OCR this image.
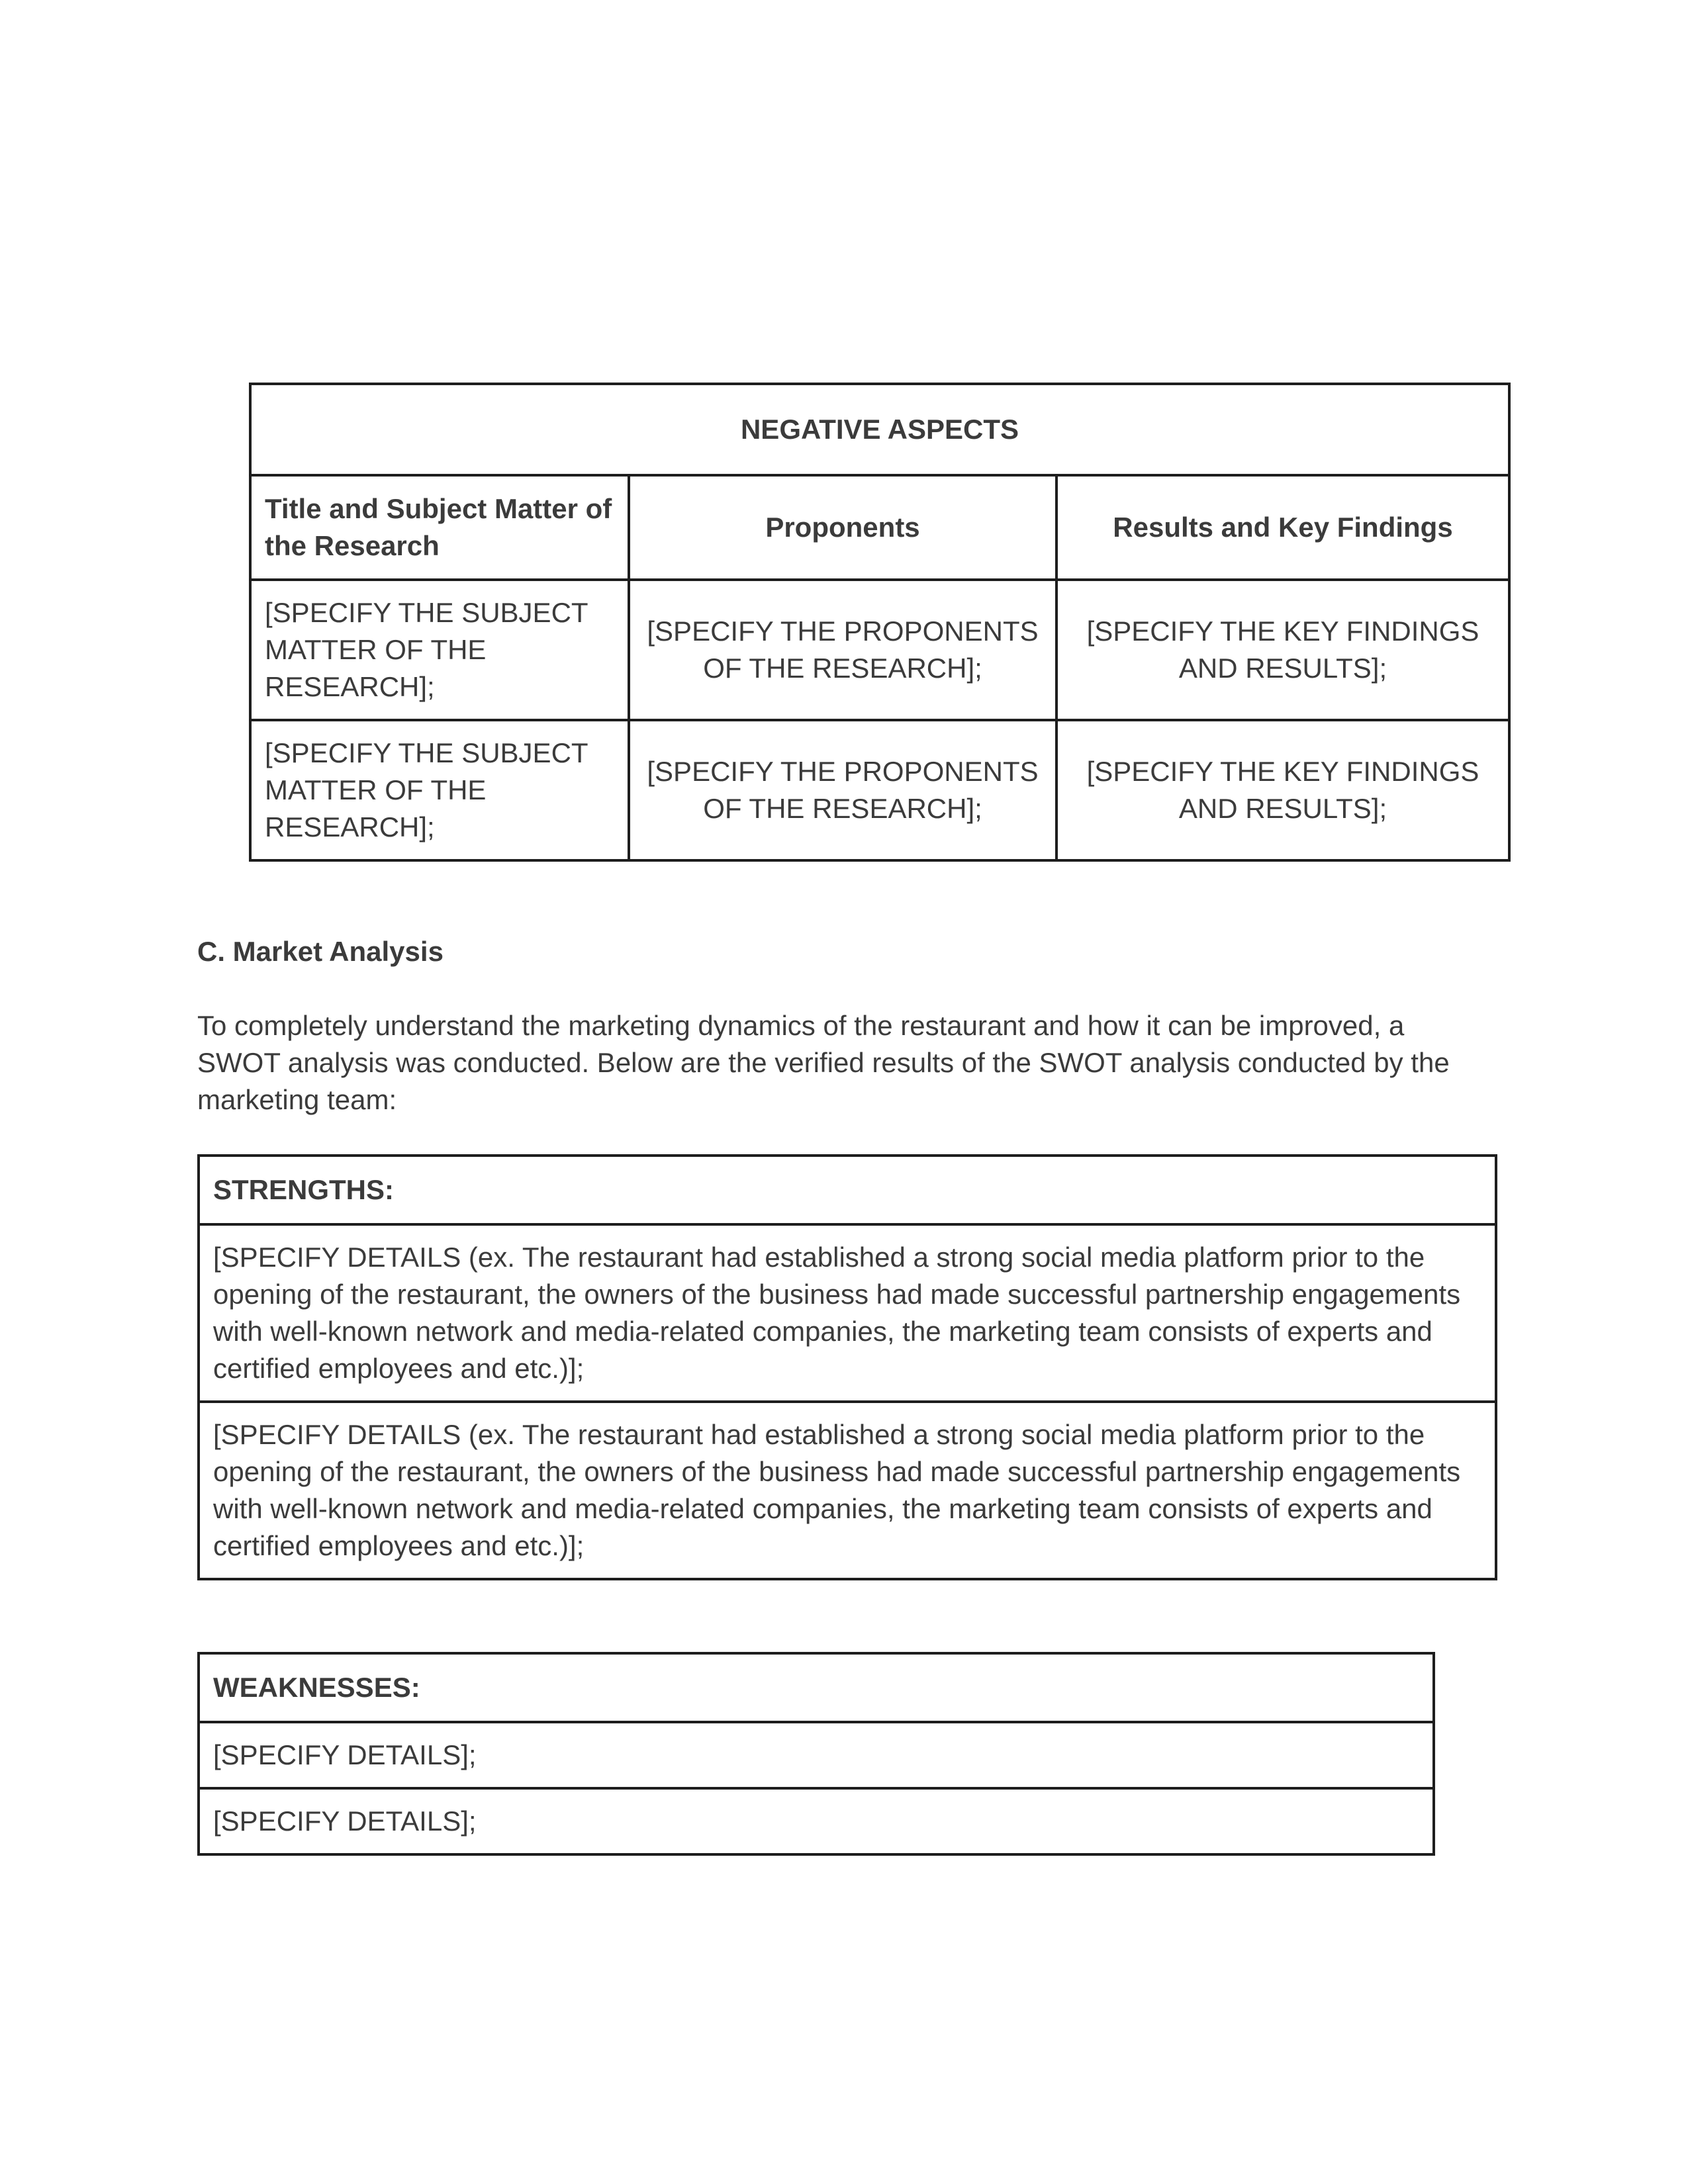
NEGATIVE ASPECTS		
Title and Subject Matter of the Research	Proponents	Results and Key Findings
[SPECIFY THE SUBJECT MATTER OF THE RESEARCH];	[SPECIFY THE PROPONENTS OF THE RESEARCH];	[SPECIFY THE KEY FINDINGS AND RESULTS];
[SPECIFY THE SUBJECT MATTER OF THE RESEARCH];	[SPECIFY THE PROPONENTS OF THE RESEARCH];	[SPECIFY THE KEY FINDINGS AND RESULTS];
C. Market Analysis

To completely understand the marketing dynamics of the restaurant and how it can be improved, a SWOT analysis was conducted. Below are the verified results of the SWOT analysis conducted by the marketing team:

STRENGTHS:
[SPECIFY DETAILS (ex. The restaurant had established a strong social media platform prior to the opening of the restaurant, the owners of the business had made successful partnership engagements with well-known network and media-related companies, the marketing team consists of experts and certified employees and etc.)];
[SPECIFY DETAILS (ex. The restaurant had established a strong social media platform prior to the opening of the restaurant, the owners of the business had made successful partnership engagements with well-known network and media-related companies, the marketing team consists of experts and certified employees and etc.)];
WEAKNESSES:
[SPECIFY DETAILS];
[SPECIFY DETAILS];
